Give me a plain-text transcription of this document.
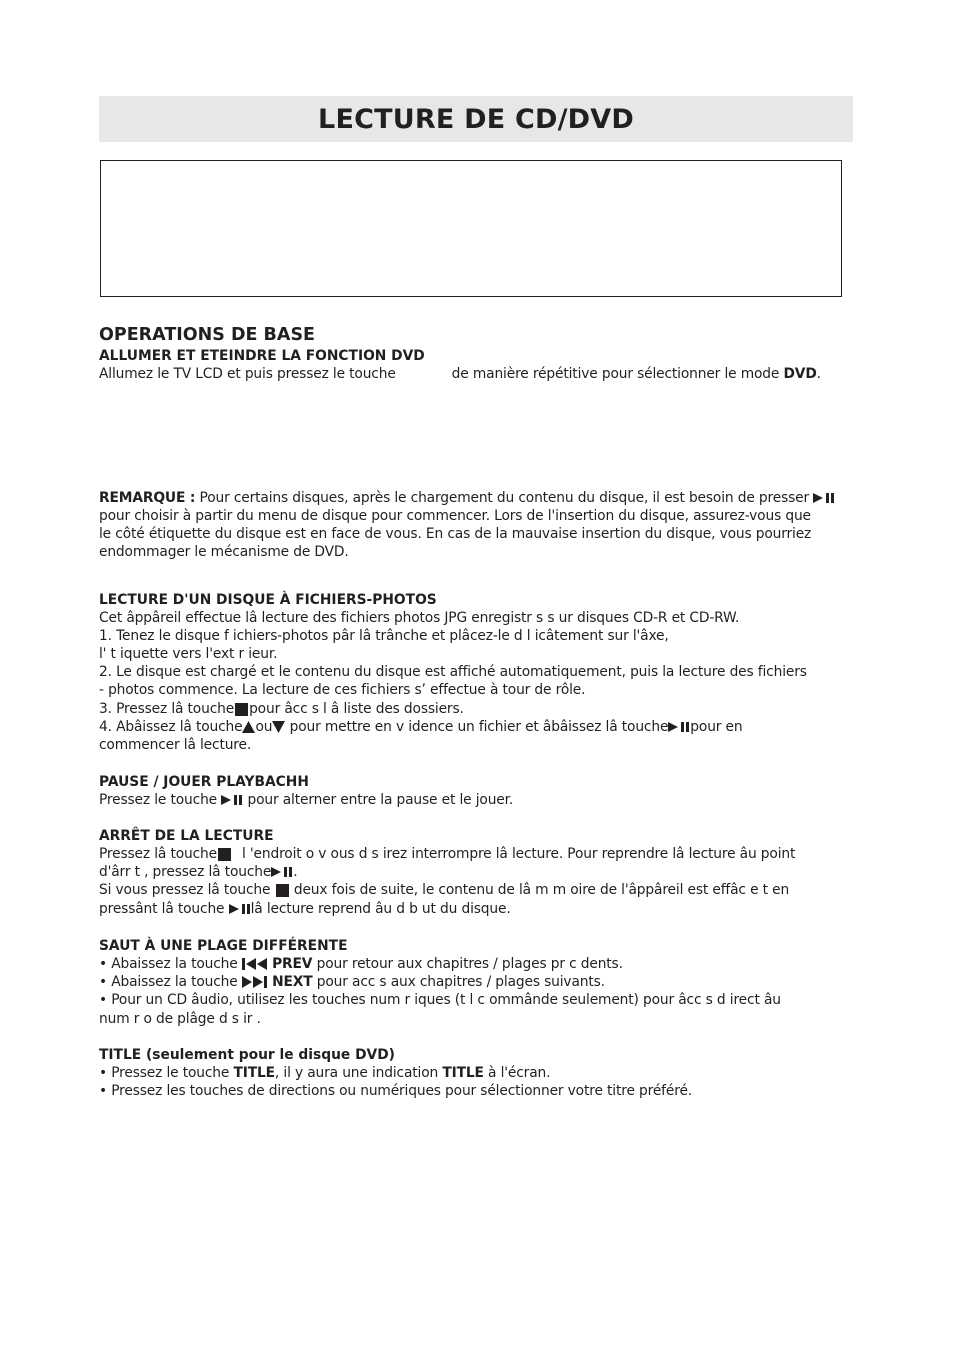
LECTURE DE CD/DVD
OPERATIONS DE BASE
ALLUMER ET ETEINDRE LA FONCTION DVD
Allumez le TV LCD et puis pressez le touche	de manière répétitive pour sélectionner le mode DVD.
REMARQUE : Pour certains disques, après le chargement du contenu du disque, il est besoin de presser
pour choisir à partir du menu de disque pour commencer. Lors de l'insertion du disque, assurez-vous que
le côté étiquette du disque est en face de vous. En cas de la mauvaise insertion du disque, vous pourriez
endommager le mécanisme de DVD.
LECTURE D'UN DISQUE À FICHIERS-PHOTOS
Cet âppâreil effectue lâ lecture des fichiers photos JPG enregistr s s ur disques CD-R et CD-RW.
1. Tenez le disque f ichiers-photos pâr lâ trânche et plâcez-le d l icâtement sur l'âxe,
l' t iquette vers l'ext r ieur.
2. Le disque est chargé et le contenu du disque est affiché automatiquement, puis la lecture des fichiers
- photos commence. La lecture de ces fichiers s’ effectue à tour de rôle.
3. Pressez lâ touche pour âcc s l â liste des dossiers.
4. Abâissez lâ touche ou pour mettre en v idence un fichier et âbâissez lâ touche pour en
commencer lâ lecture.
PAUSE / JOUER PLAYBACHH
Pressez le touche pour alterner entre la pause et le jouer.
ARRÊT DE LA LECTURE
Pressez lâ touche l 'endroit o v ous d s irez interrompre lâ lecture. Pour reprendre lâ lecture âu point
d'ârr t , pressez lâ touche .
Si vous pressez lâ touche deux fois de suite, le contenu de lâ m m oire de l'âppâreil est effâc e t en
pressânt lâ touche lâ lecture reprend âu d b ut du disque.
SAUT À UNE PLAGE DIFFÉRENTE
• Abaissez la touche	PREV pour retour aux chapitres / plages pr c dents.
• Abaissez la touche	NEXT pour acc s aux chapitres / plages suivants.
• Pour un CD âudio, utilisez les touches num r iques (t l c ommânde seulement) pour âcc s d irect âu
num r o de plâge d s ir .
TITLE (seulement pour le disque DVD)
• Pressez le touche TITLE, il y aura une indication TITLE à l'écran.
• Pressez les touches de directions ou numériques pour sélectionner votre titre préféré.
